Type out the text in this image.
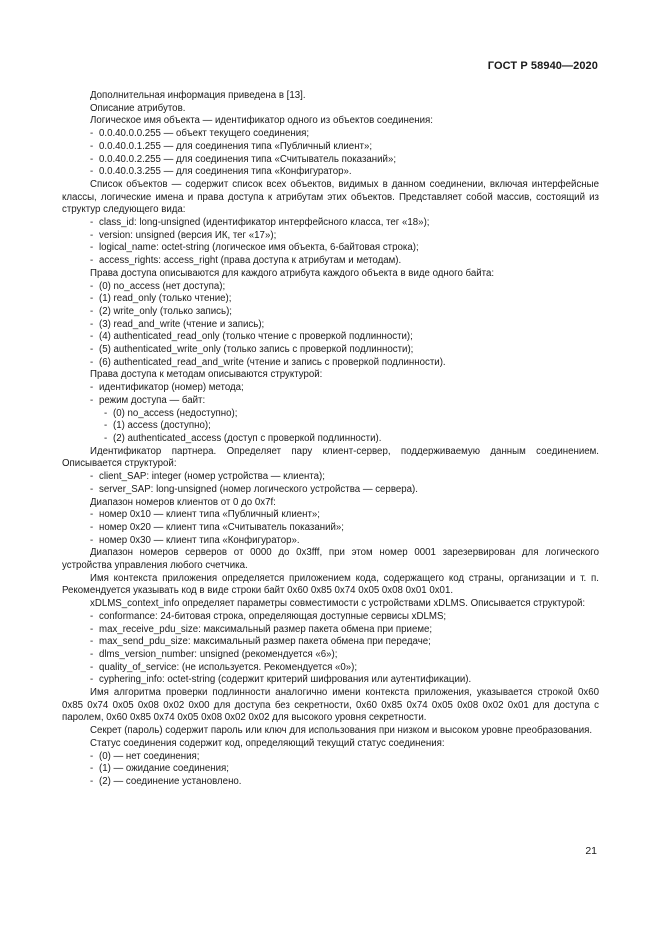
ГОСТ Р 58940—2020

Дополнительная информация приведена в [13].

Описание атрибутов.

Логическое имя объекта — идентификатор одного из объектов соединения:

- 0.0.40.0.0.255 — объект текущего соединения;

- 0.0.40.0.1.255 — для соединения типа «Публичный клиент»;

- 0.0.40.0.2.255 — для соединения типа «Считыватель показаний»;

- 0.0.40.0.3.255 — для соединения типа «Конфигуратор».

Список объектов — содержит список всех объектов, видимых в данном соединении, включая интерфейсные классы, логические имена и права доступа к атрибутам этих объектов. Представляет собой массив, состоящий из структур следующего вида:

- class_id: long-unsigned (идентификатор интерфейсного класса, тег «18»);

- version: unsigned (версия ИК, тег «17»);

- logical_name: octet-string (логическое имя объекта, 6-байтовая строка);

- access_rights: access_right (права доступа к атрибутам и методам).

Права доступа описываются для каждого атрибута каждого объекта в виде одного байта:

- (0) no_access (нет доступа);

- (1) read_only (только чтение);

- (2) write_only (только запись);

- (3) read_and_write (чтение и запись);

- (4) authenticated_read_only (только чтение с проверкой подлинности);

- (5) authenticated_write_only (только запись с проверкой подлинности);

- (6) authenticated_read_and_write (чтение и запись с проверкой подлинности).

Права доступа к методам описываются структурой:

- идентификатор (номер) метода;

- режим доступа — байт:

- (0) no_access (недоступно);

- (1) access (доступно);

- (2) authenticated_access (доступ с проверкой подлинности).

Идентификатор партнера. Определяет пару клиент-сервер, поддерживаемую данным соединением. Описывается структурой:

- client_SAP: integer (номер устройства — клиента);

- server_SAP: long-unsigned (номер логического устройства — сервера).

Диапазон номеров клиентов от 0 до 0x7f:

- номер 0x10 — клиент типа «Публичный клиент»;

- номер 0x20 — клиент типа «Считыватель показаний»;

- номер 0x30 — клиент типа «Конфигуратор».

Диапазон номеров серверов от 0000 до 0x3fff, при этом номер 0001 зарезервирован для логического устройства управления любого счетчика.

Имя контекста приложения определяется приложением кода, содержащего код страны, организации и т. п. Рекомендуется указывать код в виде строки байт 0x60 0x85 0x74 0x05 0x08 0x01 0x01.

xDLMS_context_info определяет параметры совместимости с устройствами xDLMS. Описывается структурой:

- conformance: 24-битовая строка, определяющая доступные сервисы xDLMS;

- max_receive_pdu_size: максимальный размер пакета обмена при приеме;

- max_send_pdu_size: максимальный размер пакета обмена при передаче;

- dlms_version_number: unsigned (рекомендуется «6»);

- quality_of_service: (не используется. Рекомендуется «0»);

- cyphering_info: octet-string (содержит критерий шифрования или аутентификации).

Имя алгоритма проверки подлинности аналогично имени контекста приложения, указывается строкой 0x60 0x85 0x74 0x05 0x08 0x02 0x00 для доступа без секретности, 0x60 0x85 0x74 0x05 0x08 0x02 0x01 для доступа с паролем, 0x60 0x85 0x74 0x05 0x08 0x02 0x02 для высокого уровня секретности.

Секрет (пароль) содержит пароль или ключ для использования при низком и высоком уровне преобразования.

Статус соединения содержит код, определяющий текущий статус соединения:

- (0) — нет соединения;

- (1) — ожидание соединения;

- (2) — соединение установлено.

21
